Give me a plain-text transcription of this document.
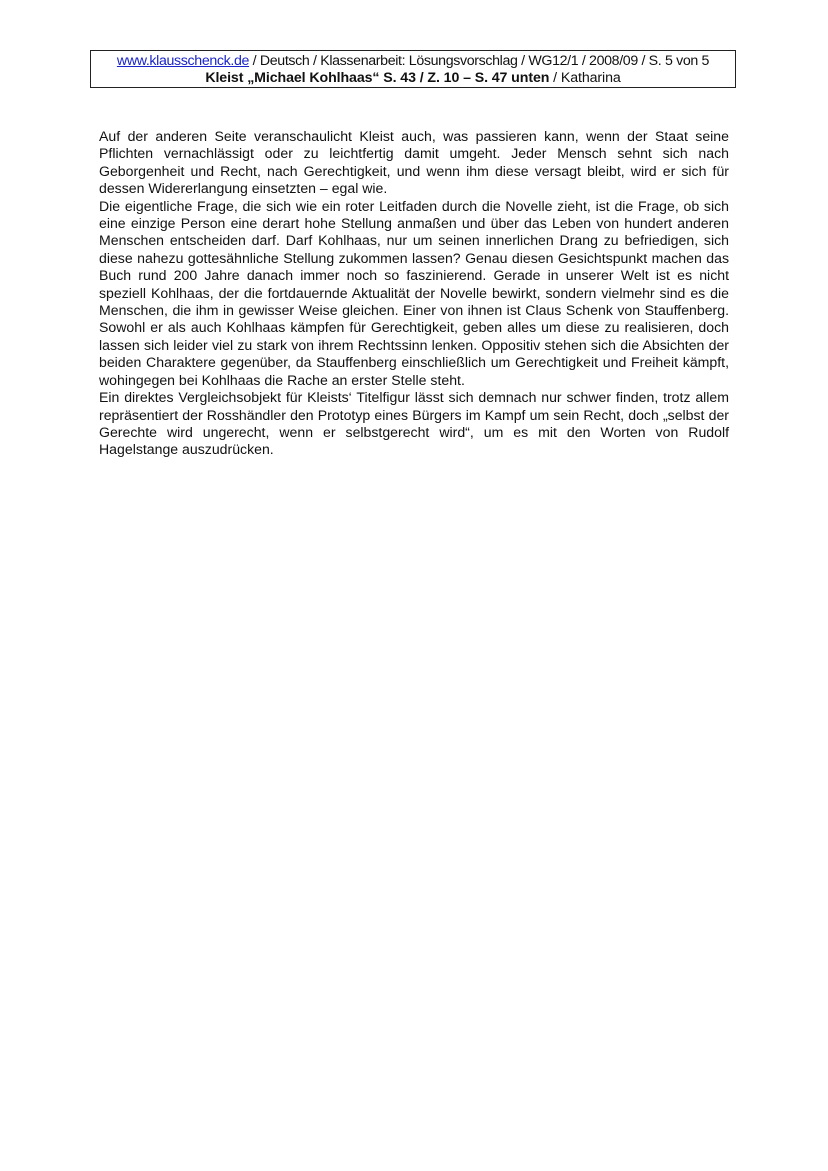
www.klausschenck.de / Deutsch / Klassenarbeit: Lösungsvorschlag / WG12/1 / 2008/09 / S. 5 von 5
Kleist „Michael Kohlhaas“ S. 43 / Z. 10 – S. 47 unten / Katharina

Auf der anderen Seite veranschaulicht Kleist auch, was passieren kann, wenn der Staat seine Pflichten vernachlässigt oder zu leichtfertig damit umgeht. Jeder Mensch sehnt sich nach Geborgenheit und Recht, nach Gerechtigkeit, und wenn ihm diese versagt bleibt, wird er sich für dessen Widererlangung einsetzten – egal wie.

Die eigentliche Frage, die sich wie ein roter Leitfaden durch die Novelle zieht, ist die Frage, ob sich eine einzige Person eine derart hohe Stellung anmaßen und über das Leben von hundert anderen Menschen entscheiden darf. Darf Kohlhaas, nur um seinen innerlichen Drang zu befriedigen, sich diese nahezu gottesähnliche Stellung zukommen lassen? Genau diesen Gesichtspunkt machen das Buch rund 200 Jahre danach immer noch so faszinierend. Gerade in unserer Welt ist es nicht speziell Kohlhaas, der die fortdauernde Aktualität der Novelle bewirkt, sondern vielmehr sind es die Menschen, die ihm in gewisser Weise gleichen. Einer von ihnen ist Claus Schenk von Stauffenberg. Sowohl er als auch Kohlhaas kämpfen für Gerechtigkeit, geben alles um diese zu realisieren, doch lassen sich leider viel zu stark von ihrem Rechtssinn lenken. Oppositiv stehen sich die Absichten der beiden Charaktere gegenüber, da Stauffenberg einschließlich um Gerechtigkeit und Freiheit kämpft, wohingegen bei Kohlhaas die Rache an erster Stelle steht.

Ein direktes Vergleichsobjekt für Kleists‘ Titelfigur lässt sich demnach nur schwer finden, trotz allem repräsentiert der Rosshändler den Prototyp eines Bürgers im Kampf um sein Recht, doch „selbst der Gerechte wird ungerecht, wenn er selbstgerecht wird“, um es mit den Worten von Rudolf Hagelstange auszudrücken.
